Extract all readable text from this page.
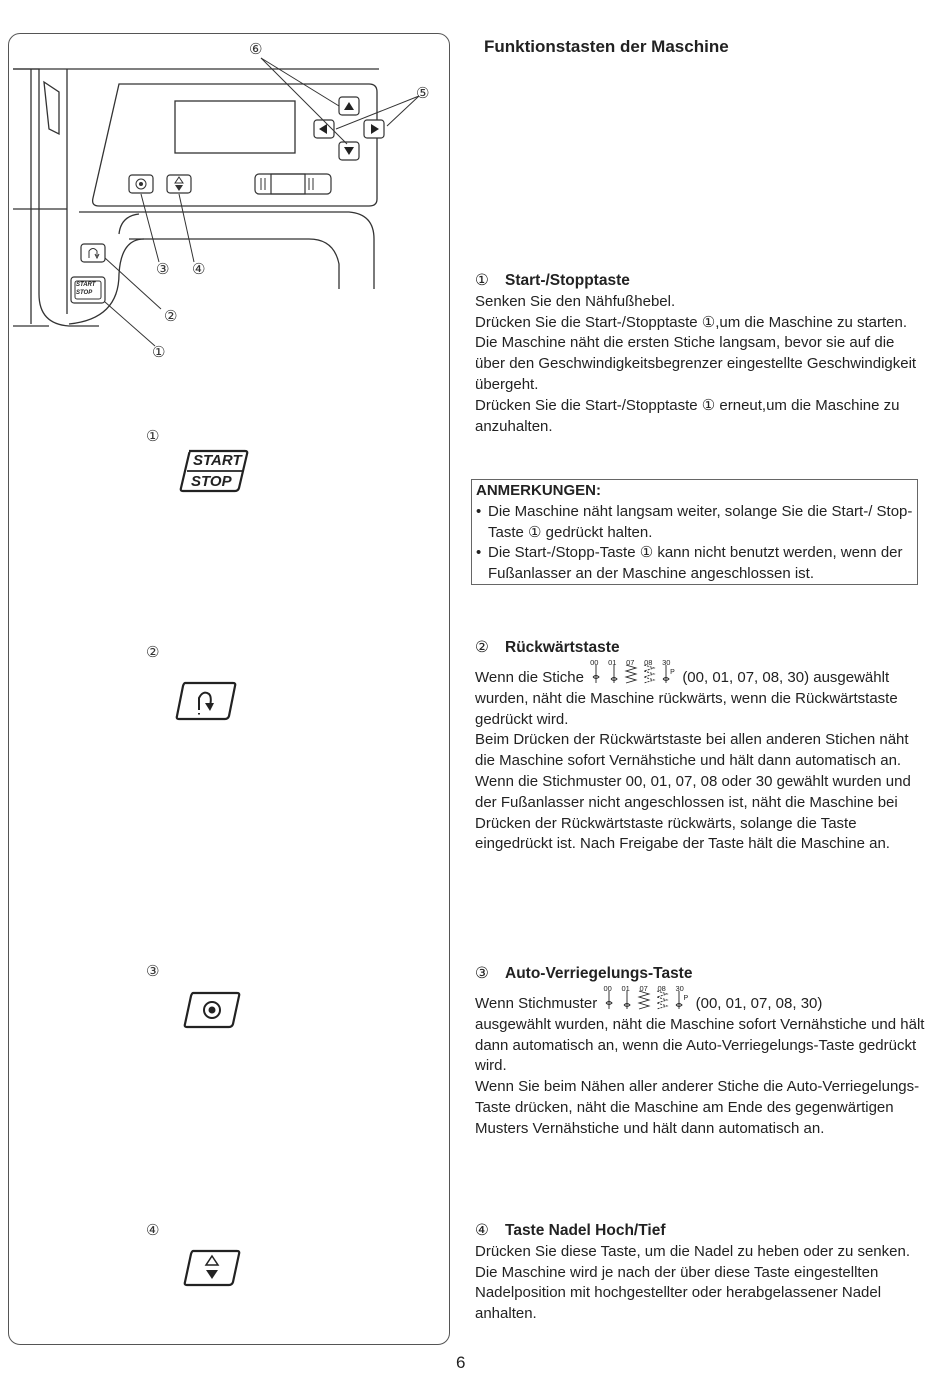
⑥
⑤
③ ④
②
①
START
STOP
①
②
③
④
START
STOP
Funktionstasten der Maschine
① Start-/Stopptaste

Senken Sie den Nähfußhebel.

Drücken Sie die Start-/Stopptaste ①,um die Maschine zu starten.

Die Maschine näht die ersten Stiche langsam, bevor sie auf die über den Geschwindigkeitsbegrenzer eingestellte Geschwindigkeit übergeht.

Drücken Sie die Start-/Stopptaste ① erneut,um die Maschine zu anzuhalten.

ANMERKUNGEN:
• Die Maschine näht langsam weiter, solange Sie die Start-/ Stop-Taste ① gedrückt halten.
• Die Start-/Stopp-Taste ① kann nicht benutzt werden, wenn der Fußanlasser an der Maschine angeschlossen ist.
② Rückwärtstaste

Wenn die Stiche
00 01 07 08 30
P (00, 01, 07, 08, 30) ausgewählt

wurden, näht die Maschine rückwärts, wenn die Rückwärtstaste gedrückt wird.

Beim Drücken der Rückwärtstaste bei allen anderen Stichen näht die Maschine sofort Vernähstiche und hält dann automatisch an.

Wenn die Stichmuster 00, 01, 07, 08 oder 30 gewählt wurden und der Fußanlasser nicht angeschlossen ist, näht die Maschine bei Drücken der Rückwärtstaste rückwärts, solange die Taste eingedrückt ist. Nach Freigabe der Taste hält die Maschine an.

③ Auto-Verriegelungs-Taste

Wenn Stichmuster
00 01 07 08 30
P (00, 01, 07, 08, 30)

ausgewählt wurden, näht die Maschine sofort Vernähstiche und hält dann automatisch an, wenn die Auto-Verriegelungs-Taste gedrückt wird.

Wenn Sie beim Nähen aller anderer Stiche die Auto-Verriegelungs-Taste drücken, näht die Maschine am Ende des gegenwärtigen Musters Vernähstiche und hält dann automatisch an.

④ Taste Nadel Hoch/Tief

Drücken Sie diese Taste, um die Nadel zu heben oder zu senken.

Die Maschine wird je nach der über diese Taste eingestellten Nadelposition mit hochgestellter oder herabgelassener Nadel anhalten.

6
